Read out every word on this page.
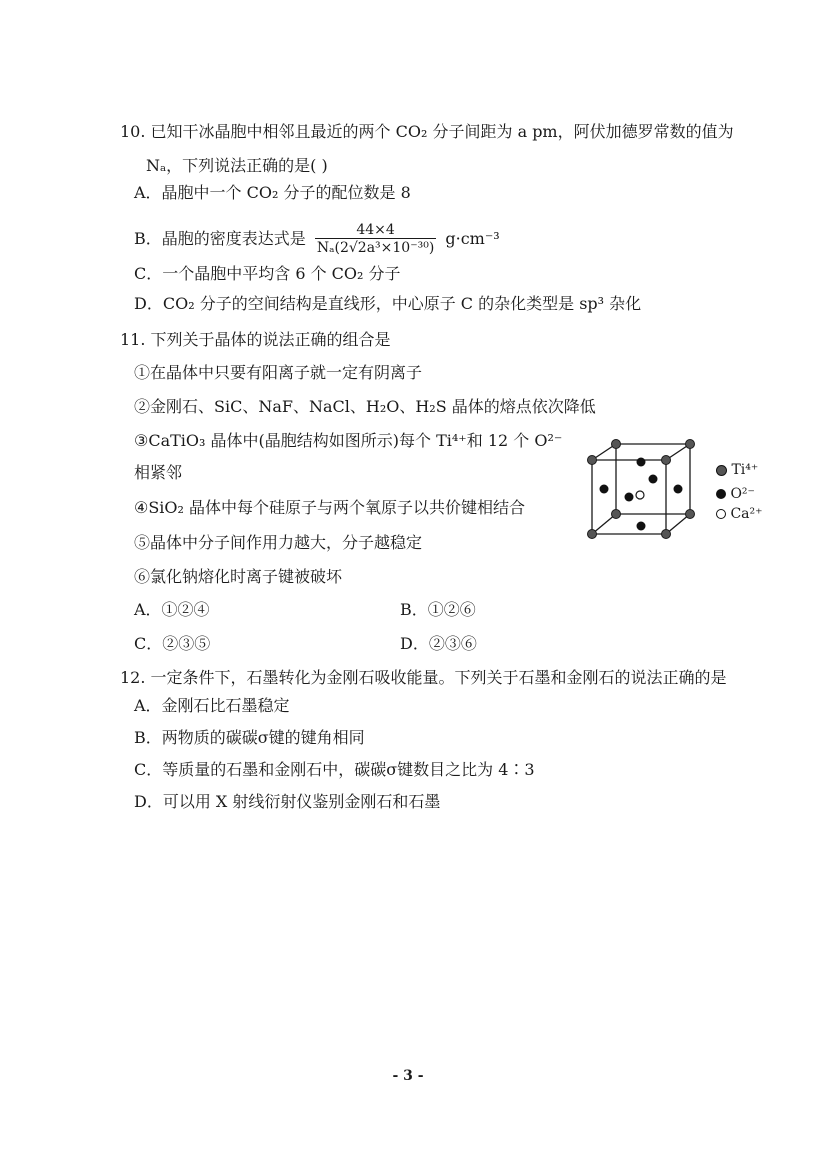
10. 已知干冰晶胞中相邻且最近的两个 CO₂ 分子间距为 a pm，阿伏加德罗常数的值为
Nₐ，下列说法正确的是( )
A．晶胞中一个 CO₂ 分子的配位数是 8
B．晶胞的密度表达式是 $\frac{44\times 4}{\text{Nₐ(2√2a³×10⁻³⁰)}} g\cdot cm^{-3}$
C．一个晶胞中平均含 6 个 CO₂ 分子
D．CO₂ 分子的空间结构是直线形，中心原子 C 的杂化类型是 sp³ 杂化
11. 下列关于晶体的说法正确的组合是
①在晶体中只要有阳离子就一定有阴离子
②金刚石、SiC、NaF、NaCl、H₂O、H₂S 晶体的熔点依次降低
③CaTiO₃ 晶体中(晶胞结构如图所示)每个 Ti⁴⁺和 12 个 O²⁻
相紧邻
④SiO₂ 晶体中每个硅原子与两个氧原子以共价键相结合
⑤晶体中分子间作用力越大，分子越稳定
⑥氯化钠熔化时离子键被破坏
A．①②④	B．①②⑥
C．②③⑤	D．②③⑥
Ti⁴⁺
O²⁻
Ca²⁺
12. 一定条件下，石墨转化为金刚石吸收能量。下列关于石墨和金刚石的说法正确的是
A．金刚石比石墨稳定
B．两物质的碳碳σ键的键角相同
C．等质量的石墨和金刚石中，碳碳σ键数目之比为 4∶3
D．可以用 X 射线衍射仪鉴别金刚石和石墨
- 3 -
